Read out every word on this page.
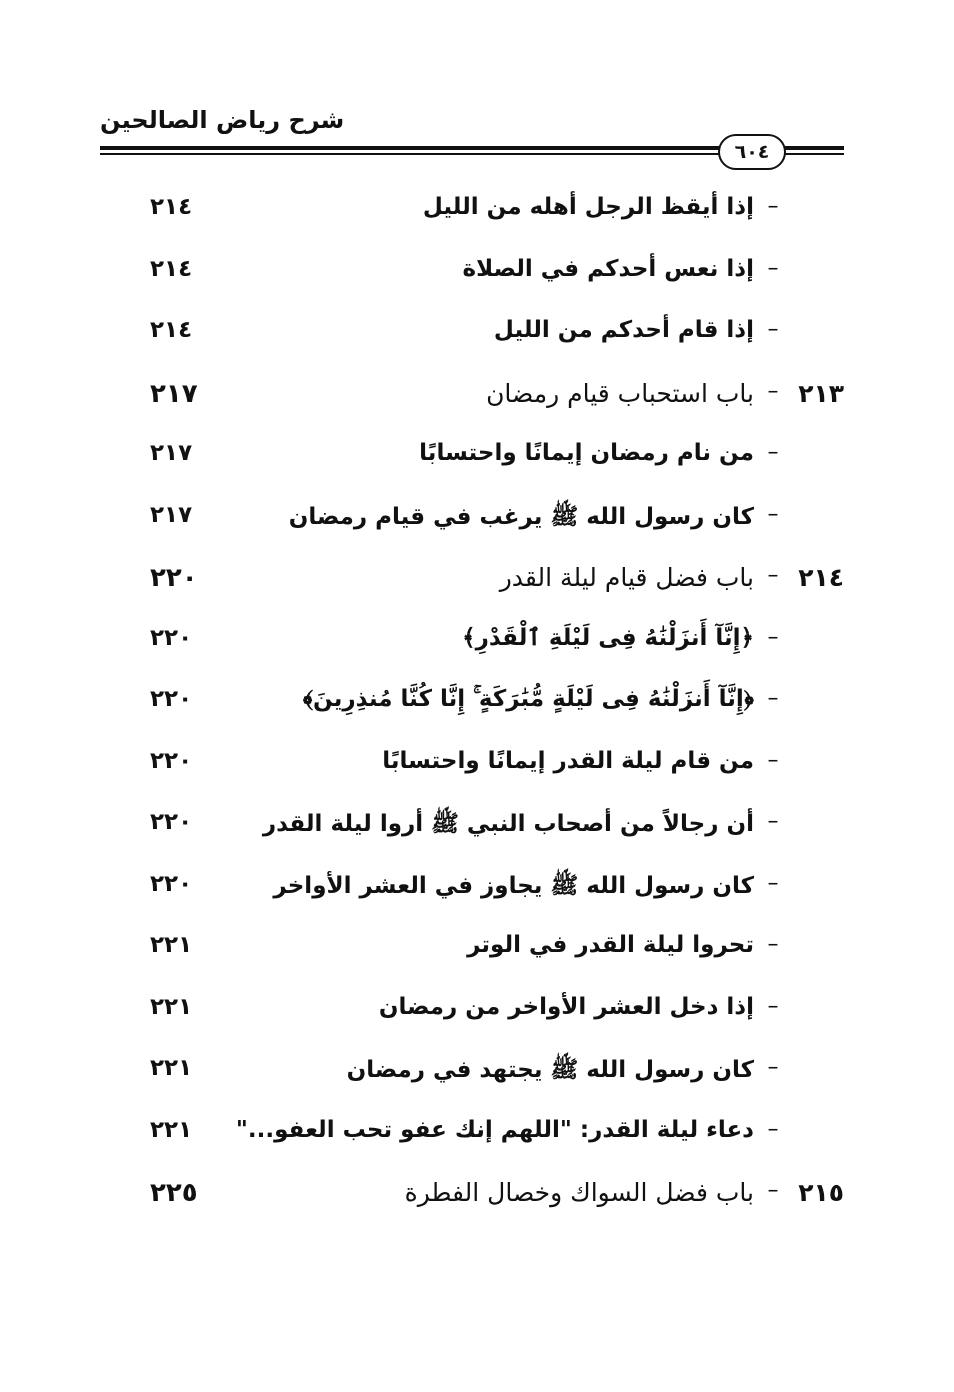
شرح رياض الصالحين
٦٠٤
–
إذا أيقظ الرجل أهله من الليل
٢١٤
–
إذا نعس أحدكم في الصلاة
٢١٤
–
إذا قام أحدكم من الليل
٢١٤
٢١٣
–
باب استحباب قيام رمضان
٢١٧
–
من نام رمضان إيمانًا واحتسابًا
٢١٧
–
كان رسول الله ﷺ يرغب في قيام رمضان
٢١٧
٢١٤
–
باب فضل قيام ليلة القدر
٢٢٠
–
﴿إِنَّآ أَنزَلْنَٰهُ فِى لَيْلَةِ ٱلْقَدْرِ﴾
٢٢٠
–
﴿إِنَّآ أَنزَلْنَٰهُ فِى لَيْلَةٍ مُّبَٰرَكَةٍ ۚ إِنَّا كُنَّا مُنذِرِينَ﴾
٢٢٠
–
من قام ليلة القدر إيمانًا واحتسابًا
٢٢٠
–
أن رجالاً من أصحاب النبي ﷺ أروا ليلة القدر
٢٢٠
–
كان رسول الله ﷺ يجاوز في العشر الأواخر
٢٢٠
–
تحروا ليلة القدر في الوتر
٢٢١
–
إذا دخل العشر الأواخر من رمضان
٢٢١
–
كان رسول الله ﷺ يجتهد في رمضان
٢٢١
–
دعاء ليلة القدر: "اللهم إنك عفو تحب العفو..."
٢٢١
٢١٥
–
باب فضل السواك وخصال الفطرة
٢٢٥
